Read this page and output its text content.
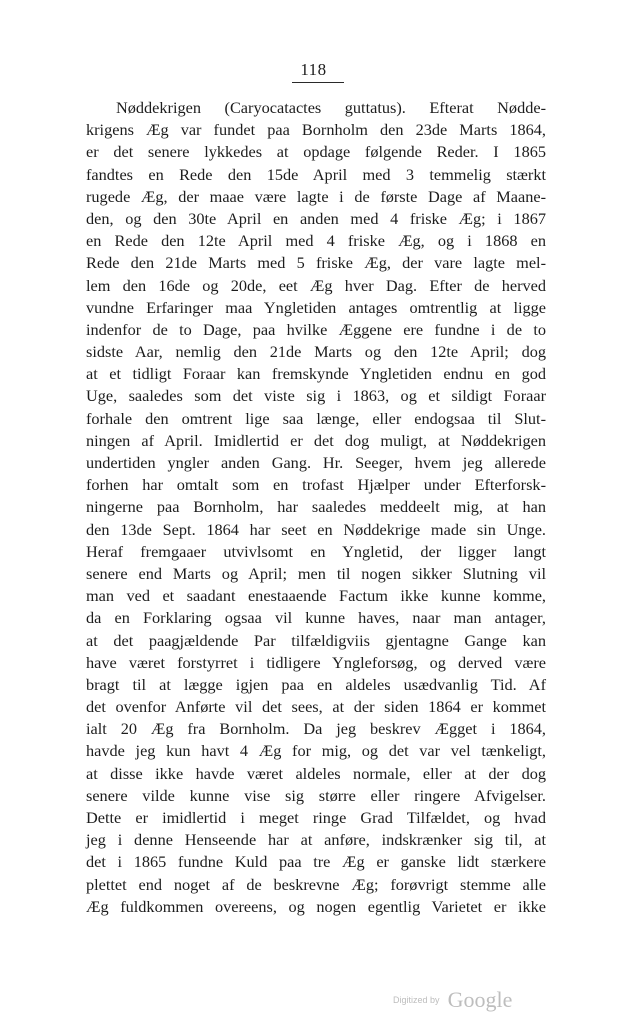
118
Nøddekrigen (Caryocatactes guttatus). Efterat Nødde-
krigens Æg var fundet paa Bornholm den 23de Marts 1864,
er det senere lykkedes at opdage følgende Reder. I 1865
fandtes en Rede den 15de April med 3 temmelig stærkt
rugede Æg, der maae være lagte i de første Dage af Maane-
den, og den 30te April en anden med 4 friske Æg; i 1867
en Rede den 12te April med 4 friske Æg, og i 1868 en
Rede den 21de Marts med 5 friske Æg, der vare lagte mel-
lem den 16de og 20de, eet Æg hver Dag. Efter de herved
vundne Erfaringer maa Yngletiden antages omtrentlig at ligge
indenfor de to Dage, paa hvilke Æggene ere fundne i de to
sidste Aar, nemlig den 21de Marts og den 12te April; dog
at et tidligt Foraar kan fremskynde Yngletiden endnu en god
Uge, saaledes som det viste sig i 1863, og et sildigt Foraar
forhale den omtrent lige saa længe, eller endogsaa til Slut-
ningen af April. Imidlertid er det dog muligt, at Nøddekrigen
undertiden yngler anden Gang. Hr. Seeger, hvem jeg allerede
forhen har omtalt som en trofast Hjælper under Efterforsk-
ningerne paa Bornholm, har saaledes meddeelt mig, at han
den 13de Sept. 1864 har seet en Nøddekrige made sin Unge.
Heraf fremgaaer utvivlsomt en Yngletid, der ligger langt
senere end Marts og April; men til nogen sikker Slutning vil
man ved et saadant enestaaende Factum ikke kunne komme,
da en Forklaring ogsaa vil kunne haves, naar man antager,
at det paagjældende Par tilfældigviis gjentagne Gange kan
have været forstyrret i tidligere Yngleforsøg, og derved være
bragt til at lægge igjen paa en aldeles usædvanlig Tid. Af
det ovenfor Anførte vil det sees, at der siden 1864 er kommet
ialt 20 Æg fra Bornholm. Da jeg beskrev Ægget i 1864,
havde jeg kun havt 4 Æg for mig, og det var vel tænkeligt,
at disse ikke havde været aldeles normale, eller at der dog
senere vilde kunne vise sig større eller ringere Afvigelser.
Dette er imidlertid i meget ringe Grad Tilfældet, og hvad
jeg i denne Henseende har at anføre, indskrænker sig til, at
det i 1865 fundne Kuld paa tre Æg er ganske lidt stærkere
plettet end noget af de beskrevne Æg; forøvrigt stemme alle
Æg fuldkommen overeens, og nogen egentlig Varietet er ikke
Digitized by Google
